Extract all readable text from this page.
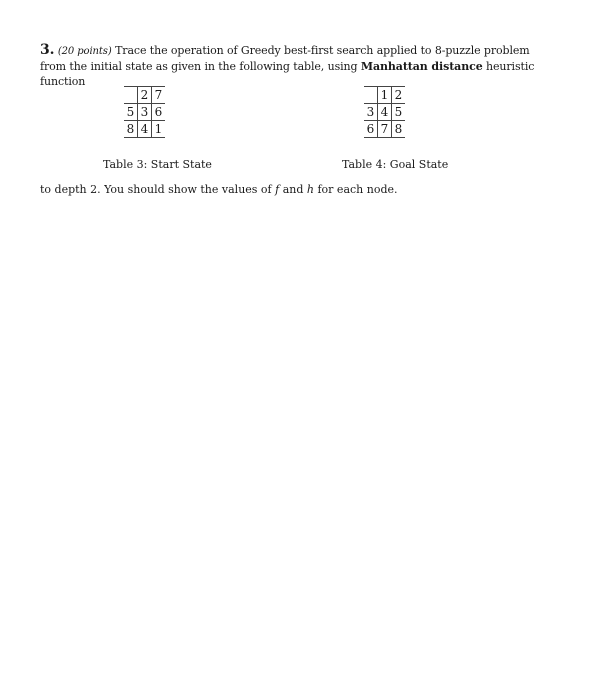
3. (20 points) Trace the operation of Greedy best-first search applied to 8-puzzle problem from the initial state as given in the following table, using Manhattan distance heuristic function
	2	7
5	3	6
8	4	1
	1	2
3	4	5
6	7	8
Table 3: Start State	Table 4: Goal State
to depth 2. You should show the values of f and h for each node.
